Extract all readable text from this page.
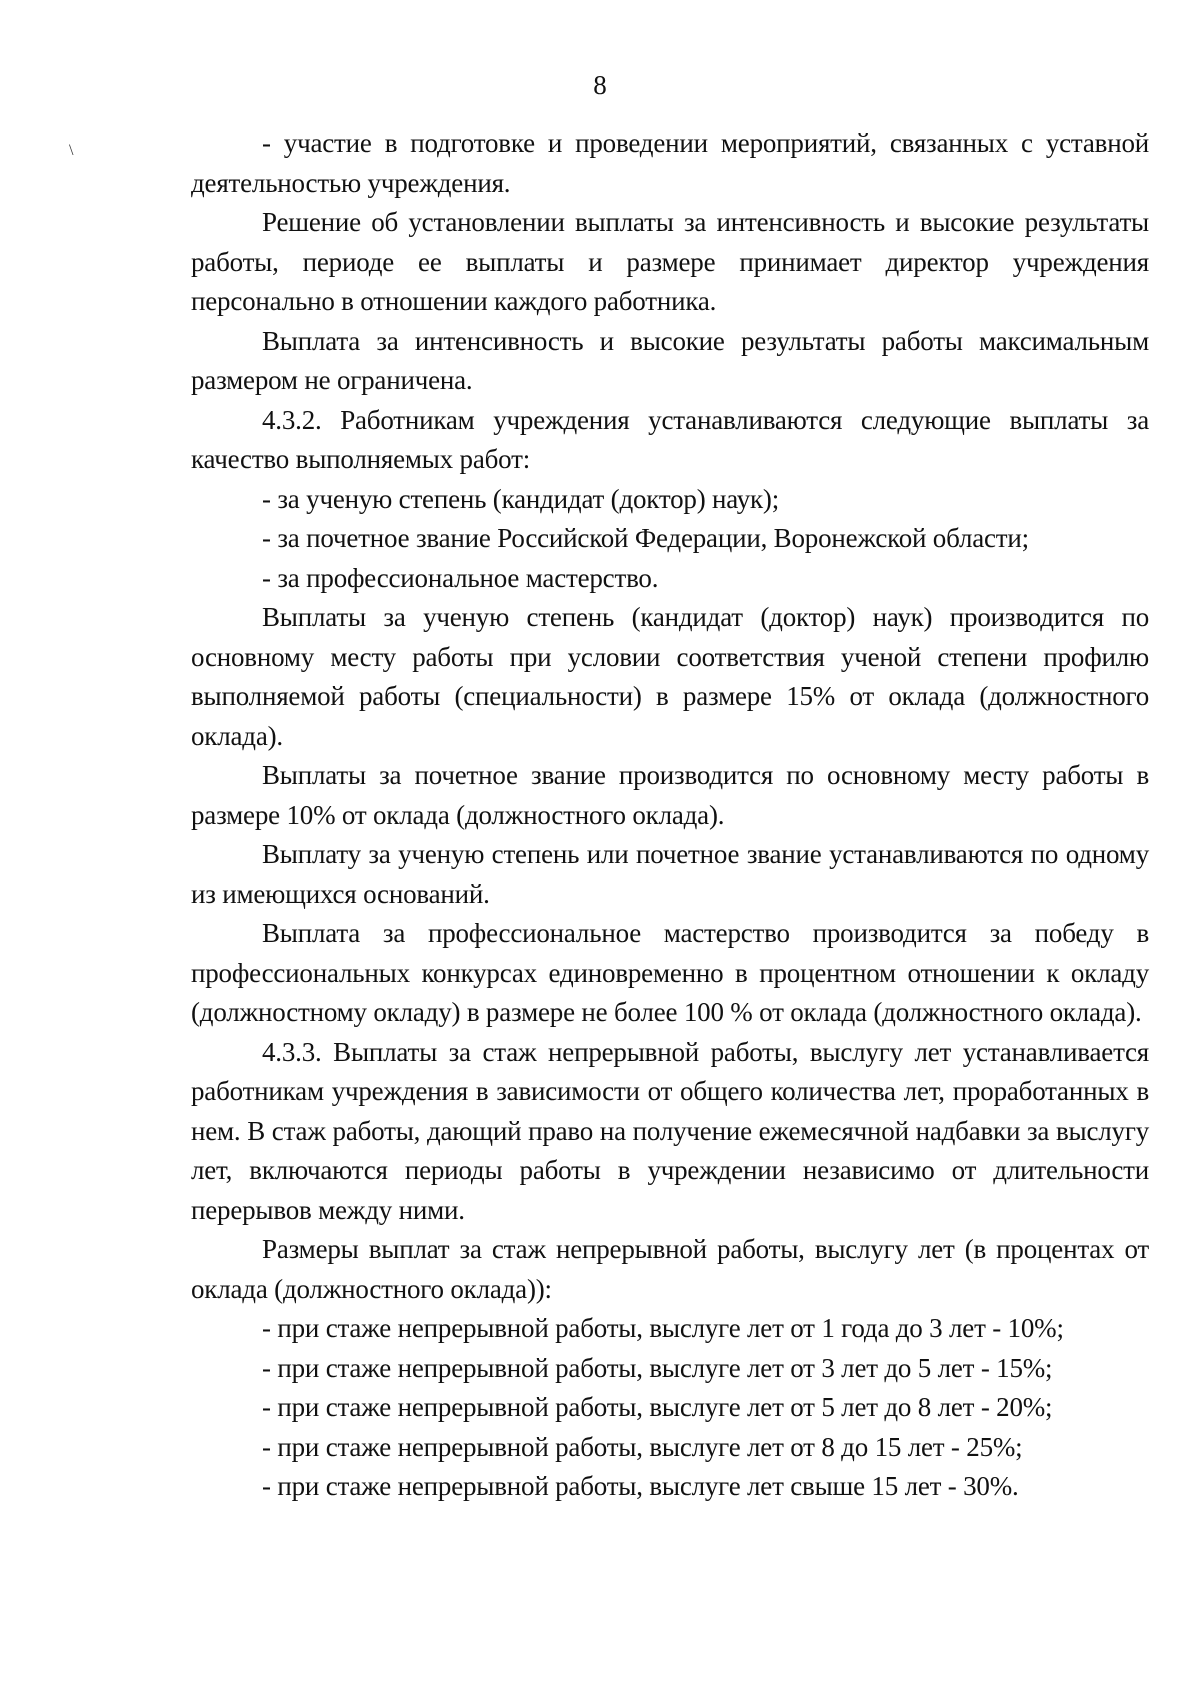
8
\	- участие в подготовке и проведении мероприятий, связанных с уставной деятельностью учреждения.

Решение об установлении выплаты за интенсивность и высокие результаты работы, периоде ее выплаты и размере принимает директор учреждения персонально в отношении каждого работника.

Выплата за интенсивность и высокие результаты работы максимальным размером не ограничена.

4.3.2. Работникам учреждения устанавливаются следующие выплаты за качество выполняемых работ:

- за ученую степень (кандидат (доктор) наук);

- за почетное звание Российской Федерации, Воронежской области;

- за профессиональное мастерство.

Выплаты за ученую степень (кандидат (доктор) наук) производится по основному месту работы при условии соответствия ученой степени профилю выполняемой работы (специальности) в размере 15% от оклада (должностного оклада).

Выплаты за почетное звание производится по основному месту работы в размере 10% от оклада (должностного оклада).

Выплату за ученую степень или почетное звание устанавливаются по одному из имеющихся оснований.

Выплата за профессиональное мастерство производится за победу в профессиональных конкурсах единовременно в процентном отношении к окладу (должностному окладу) в размере не более 100 % от оклада (должностного оклада).

4.3.3. Выплаты за стаж непрерывной работы, выслугу лет устанавливается работникам учреждения в зависимости от общего количества лет, проработанных в нем. В стаж работы, дающий право на получение ежемесячной надбавки за выслугу лет, включаются периоды работы в учреждении независимо от длительности перерывов между ними.

Размеры выплат за стаж непрерывной работы, выслугу лет (в процентах от оклада (должностного оклада)):

- при стаже непрерывной работы, выслуге лет от 1 года до 3 лет - 10%;

- при стаже непрерывной работы, выслуге лет от 3 лет до 5 лет - 15%;

- при стаже непрерывной работы, выслуге лет от 5 лет до 8 лет - 20%;

- при стаже непрерывной работы, выслуге лет от 8 до 15 лет - 25%;

- при стаже непрерывной работы, выслуге лет свыше 15 лет - 30%.
